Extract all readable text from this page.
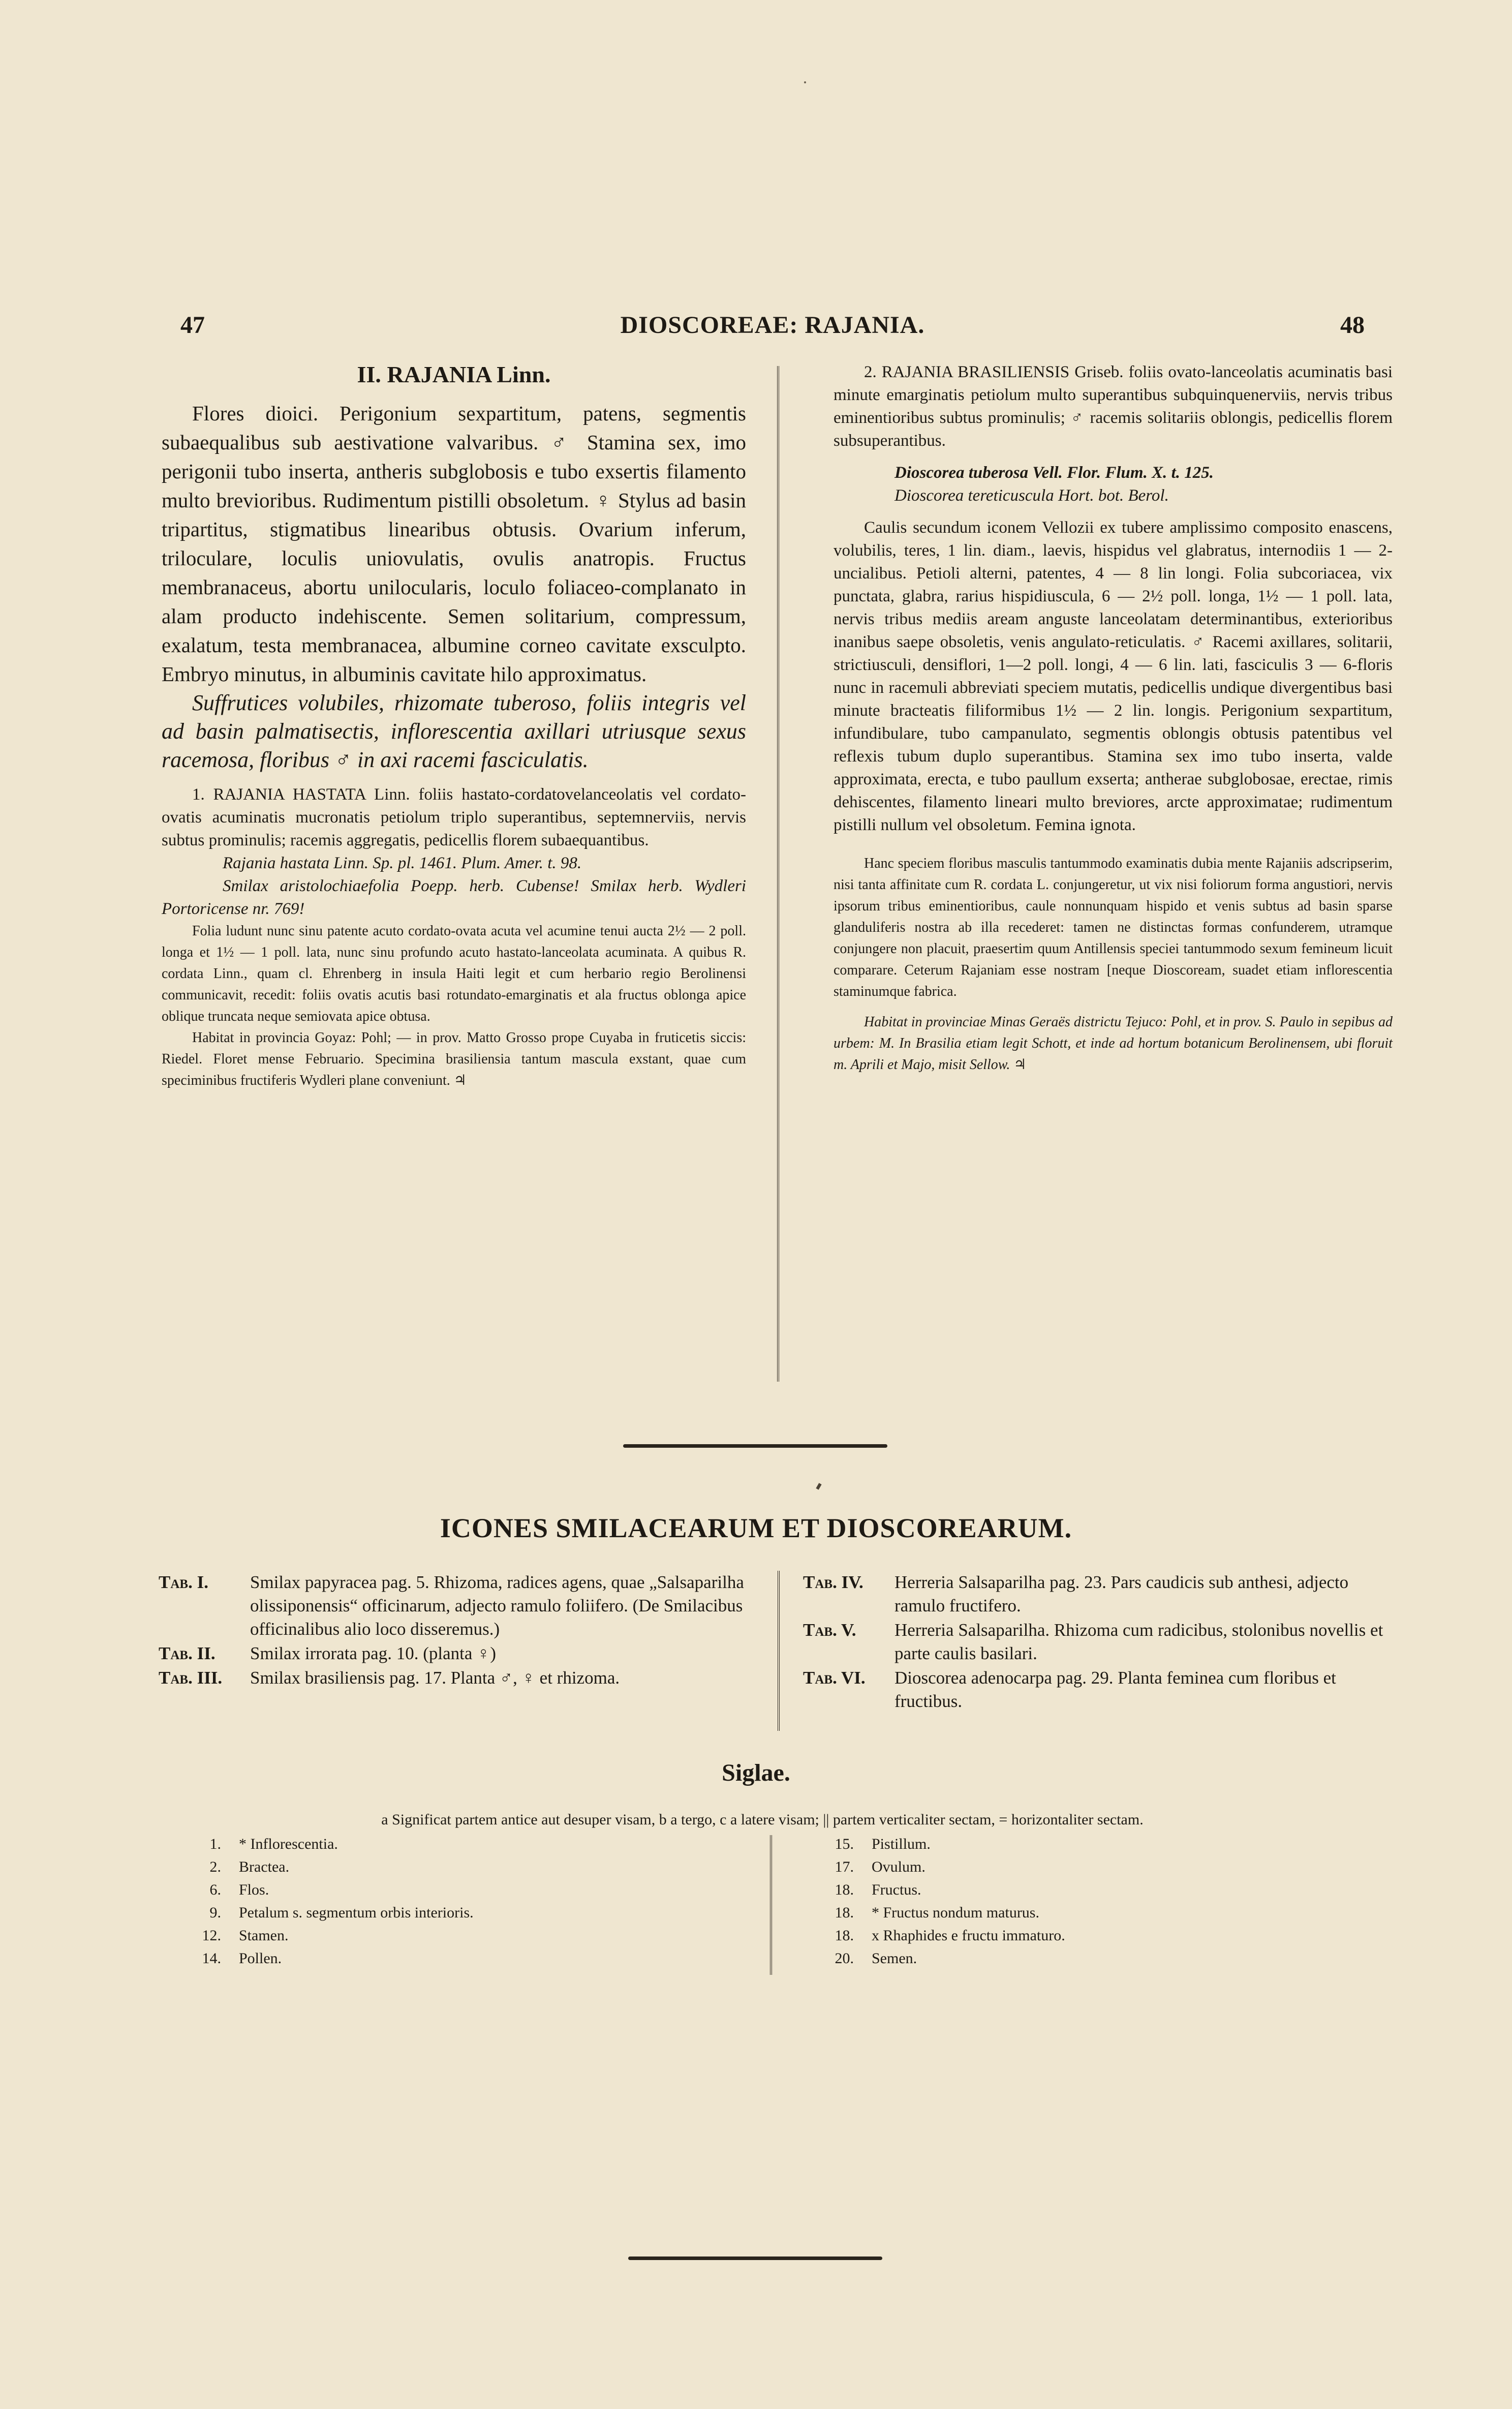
47	DIOSCOREAE: RAJANIA.	48
II. RAJANIA Linn.

Flores dioici. Perigonium sexpartitum, patens, segmentis subaequalibus sub aestivatione valvaribus. ♂ Stamina sex, imo perigonii tubo inserta, antheris subglobosis e tubo exsertis filamento multo brevioribus. Rudimentum pistilli obsoletum. ♀ Stylus ad basin tripartitus, stigmatibus linearibus obtusis. Ovarium inferum, triloculare, loculis uniovulatis, ovulis anatropis. Fructus membranaceus, abortu unilocularis, loculo foliaceo-complanato in alam producto indehiscente. Semen solitarium, compressum, exalatum, testa membranacea, albumine corneo cavitate exsculpto. Embryo minutus, in albuminis cavitate hilo approximatus.

Suffrutices volubiles, rhizomate tuberoso, foliis integris vel ad basin palmatisectis, inflorescentia axillari utriusque sexus racemosa, floribus ♂ in axi racemi fasciculatis.

1. RAJANIA HASTATA Linn. foliis hastato-cordatovelanceolatis vel cordato-ovatis acuminatis mucronatis petiolum triplo superantibus, septemnerviis, nervis subtus prominulis; racemis aggregatis, pedicellis florem subaequantibus.

Rajania hastata Linn. Sp. pl. 1461. Plum. Amer. t. 98.

Smilax aristolochiaefolia Poepp. herb. Cubense! Smilax herb. Wydleri Portoricense nr. 769!

Folia ludunt nunc sinu patente acuto cordato-ovata acuta vel acumine tenui aucta 2½ — 2 poll. longa et 1½ — 1 poll. lata, nunc sinu profundo acuto hastato-lanceolata acuminata. A quibus R. cordata Linn., quam cl. Ehrenberg in insula Haiti legit et cum herbario regio Berolinensi communicavit, recedit: foliis ovatis acutis basi rotundato-emarginatis et ala fructus oblonga apice oblique truncata neque semiovata apice obtusa.

Habitat in provincia Goyaz: Pohl; — in prov. Matto Grosso prope Cuyaba in fruticetis siccis: Riedel. Floret mense Februario. Specimina brasiliensia tantum mascula exstant, quae cum speciminibus fructiferis Wydleri plane conveniunt. ♃

2. RAJANIA BRASILIENSIS Griseb. foliis ovato-lanceolatis acuminatis basi minute emarginatis petiolum multo superantibus subquinquenerviis, nervis tribus eminentioribus subtus prominulis; ♂ racemis solitariis oblongis, pedicellis florem subsuperantibus.

Dioscorea tuberosa Vell. Flor. Flum. X. t. 125.

Dioscorea tereticuscula Hort. bot. Berol.

Caulis secundum iconem Vellozii ex tubere amplissimo composito enascens, volubilis, teres, 1 lin. diam., laevis, hispidus vel glabratus, internodiis 1 — 2- uncialibus. Petioli alterni, patentes, 4 — 8 lin longi. Folia subcoriacea, vix punctata, glabra, rarius hispidiuscula, 6 — 2½ poll. longa, 1½ — 1 poll. lata, nervis tribus mediis aream anguste lanceolatam determinantibus, exterioribus inanibus saepe obsoletis, venis angulato-reticulatis. ♂ Racemi axillares, solitarii, strictiusculi, densiflori, 1—2 poll. longi, 4 — 6 lin. lati, fasciculis 3 — 6-floris nunc in racemuli abbreviati speciem mutatis, pedicellis undique divergentibus basi minute bracteatis filiformibus 1½ — 2 lin. longis. Perigonium sexpartitum, infundibulare, tubo campanulato, segmentis oblongis obtusis patentibus vel reflexis tubum duplo superantibus. Stamina sex imo tubo inserta, valde approximata, erecta, e tubo paullum exserta; antherae subglobosae, erectae, rimis dehiscentes, filamento lineari multo breviores, arcte approximatae; rudimentum pistilli nullum vel obsoletum. Femina ignota.

Hanc speciem floribus masculis tantummodo examinatis dubia mente Rajaniis adscripserim, nisi tanta affinitate cum R. cordata L. conjungeretur, ut vix nisi foliorum forma angustiori, nervis ipsorum tribus eminentioribus, caule nonnunquam hispido et venis subtus ad basin sparse glanduliferis nostra ab illa recederet: tamen ne distinctas formas confunderem, utramque conjungere non placuit, praesertim quum Antillensis speciei tantummodo sexum femineum licuit comparare. Ceterum Rajaniam esse nostram [neque Dioscoream, suadet etiam inflorescentia staminumque fabrica.

Habitat in provinciae Minas Geraës districtu Tejuco: Pohl, et in prov. S. Paulo in sepibus ad urbem: M. In Brasilia etiam legit Schott, et inde ad hortum botanicum Berolinensem, ubi floruit m. Aprili et Majo, misit Sellow. ♃

ICONES SMILACEARUM ET DIOSCOREARUM.
Tab. I.	Smilax papyracea pag. 5. Rhizoma, radices agens, quae „Salsaparilha olissiponensis“ officinarum, adjecto ramulo foliifero. (De Smilacibus officinalibus alio loco disseremus.)
Tab. II.	Smilax irrorata pag. 10. (planta ♀)
Tab. III.	Smilax brasiliensis pag. 17. Planta ♂, ♀ et rhizoma.
Tab. IV.	Herreria Salsaparilha pag. 23. Pars caudicis sub anthesi, adjecto ramulo fructifero.
Tab. V.	Herreria Salsaparilha. Rhizoma cum radicibus, stolonibus novellis et parte caulis basilari.
Tab. VI.	Dioscorea adenocarpa pag. 29. Planta feminea cum floribus et fructibus.
Siglae.
a Significat partem antice aut desuper visam, b a tergo, c a latere visam; || partem verticaliter sectam, = horizontaliter sectam.
1.	* Inflorescentia.
2.	Bractea.
6.	Flos.
9.	Petalum s. segmentum orbis interioris.
12.	Stamen.
14.	Pollen.
15.	Pistillum.
17.	Ovulum.
18.	Fructus.
18.	* Fructus nondum maturus.
18.	x Rhaphides e fructu immaturo.
20.	Semen.
